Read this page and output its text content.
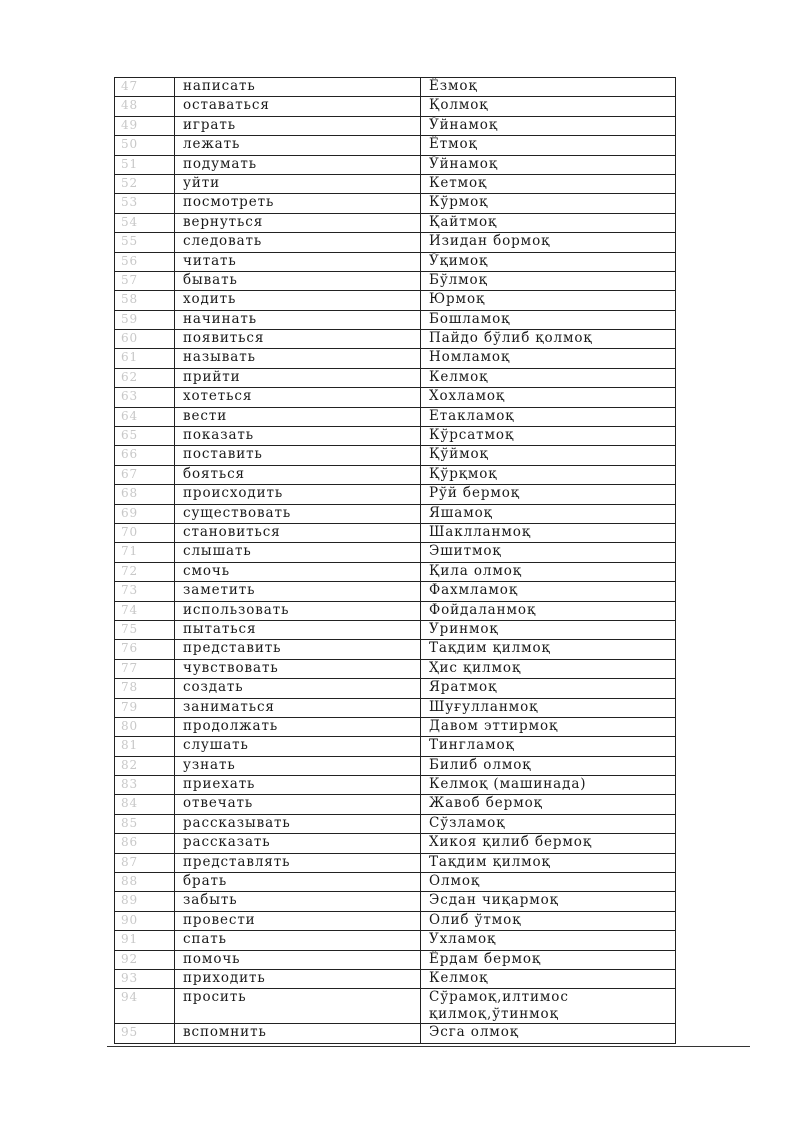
47	написать	Ёзмоқ
48	оставаться	Қолмоқ
49	играть	Ўйнамоқ
50	лежать	Ётмоқ
51	подумать	Ўйнамоқ
52	уйти	Кетмоқ
53	посмотреть	Кўрмоқ
54	вернуться	Қайтмоқ
55	следовать	Изидан бормоқ
56	читать	Ўқимоқ
57	бывать	Бўлмоқ
58	ходить	Юрмоқ
59	начинать	Бошламоқ
60	появиться	Пайдо бўлиб қолмоқ
61	называть	Номламоқ
62	прийти	Келмоқ
63	хотеться	Хохламоқ
64	вести	Етакламоқ
65	показать	Кўрсатмоқ
66	поставить	Қўймоқ
67	бояться	Қўрқмоқ
68	происходить	Рўй бермоқ
69	существовать	Яшамоқ
70	становиться	Шаклланмоқ
71	слышать	Эшитмоқ
72	смочь	Қила олмоқ
73	заметить	Фахмламоқ
74	использовать	Фойдаланмоқ
75	пытаться	Уринмоқ
76	представить	Тақдим қилмоқ
77	чувствовать	Ҳис қилмоқ
78	создать	Яратмоқ
79	заниматься	Шуғулланмоқ
80	продолжать	Давом эттирмоқ
81	слушать	Тингламоқ
82	узнать	Билиб олмоқ
83	приехать	Келмоқ (машинада)
84	отвечать	Жавоб бермоқ
85	рассказывать	Сўзламоқ
86	рассказать	Хикоя қилиб бермоқ
87	представлять	Тақдим қилмоқ
88	брать	Олмоқ
89	забыть	Эсдан чиқармоқ
90	провести	Олиб ўтмоқ
91	спать	Ухламоқ
92	помочь	Ёрдам бермоқ
93	приходить	Келмоқ
94	просить	Сўрамоқ,илтимос қилмоқ,ўтинмоқ
95	вспомнить	Эсга олмоқ
